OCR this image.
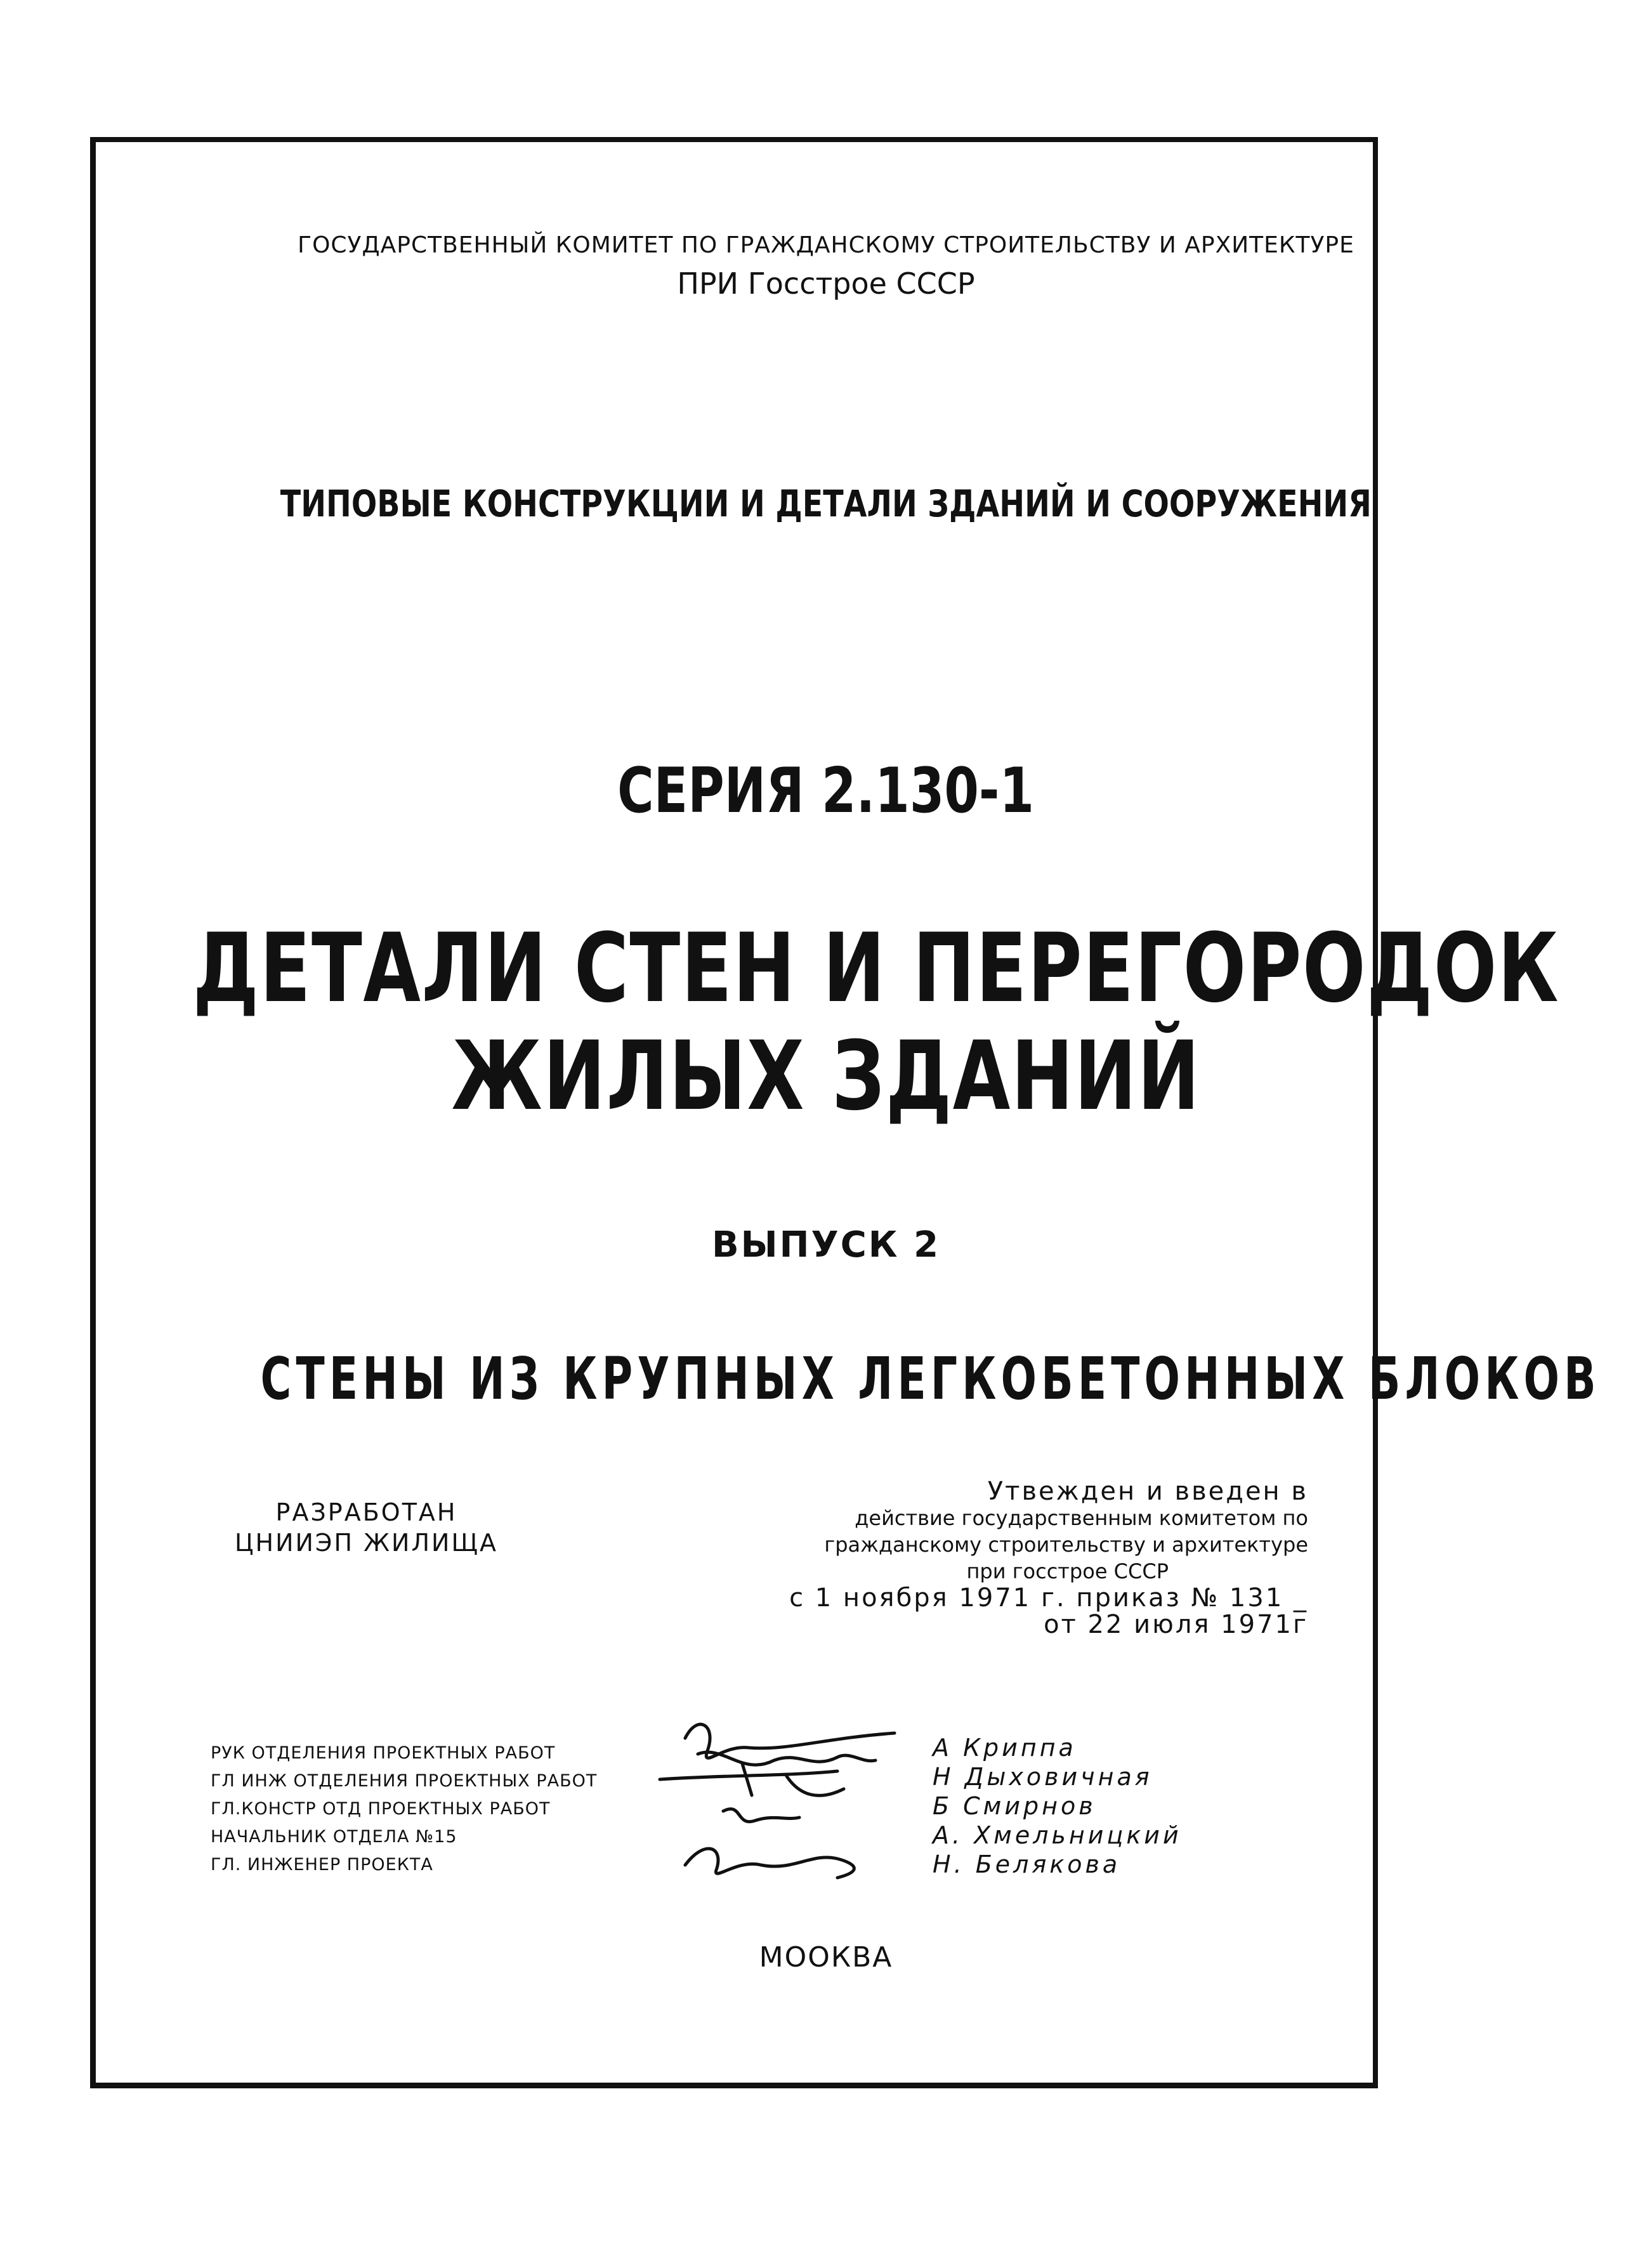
ГОСУДАРСТВЕННЫЙ КОМИТЕТ ПО ГРАЖДАНСКОМУ СТРОИТЕЛЬСТВУ И АРХИТЕКТУРЕ
ПРИ Госстрое СССР
ТИПОВЫЕ КОНСТРУКЦИИ И ДЕТАЛИ ЗДАНИЙ И СООРУЖЕНИЯ
СЕРИЯ 2.130-1
ДЕТАЛИ СТЕН И ПЕРЕГОРОДОК
ЖИЛЫХ ЗДАНИЙ
ВЫПУСК 2
СТЕНЫ ИЗ КРУПНЫХ ЛЕГКОБЕТОННЫХ БЛОКОВ
РАЗРАБОТАН
ЦНИИЭП ЖИЛИЩА
Утвежден и введен в
действие государственным комитетом по
гражданскому строительству и архитектуре
при госстрое СССР
с 1 ноября 1971 г. приказ № 131 _
от 22 июля 1971г
РУК ОТДЕЛЕНИЯ ПРОЕКТНЫХ РАБОТ
ГЛ ИНЖ ОТДЕЛЕНИЯ ПРОЕКТНЫХ РАБОТ
ГЛ.КОНСТР ОТД ПРОЕКТНЫХ РАБОТ
НАЧАЛЬНИК ОТДЕЛА №15
ГЛ. ИНЖЕНЕР ПРОЕКТА
А Криппа
Н Дыховичная
Б Смирнов
А. Хмельницкий
Н. Белякова
МООКВА
